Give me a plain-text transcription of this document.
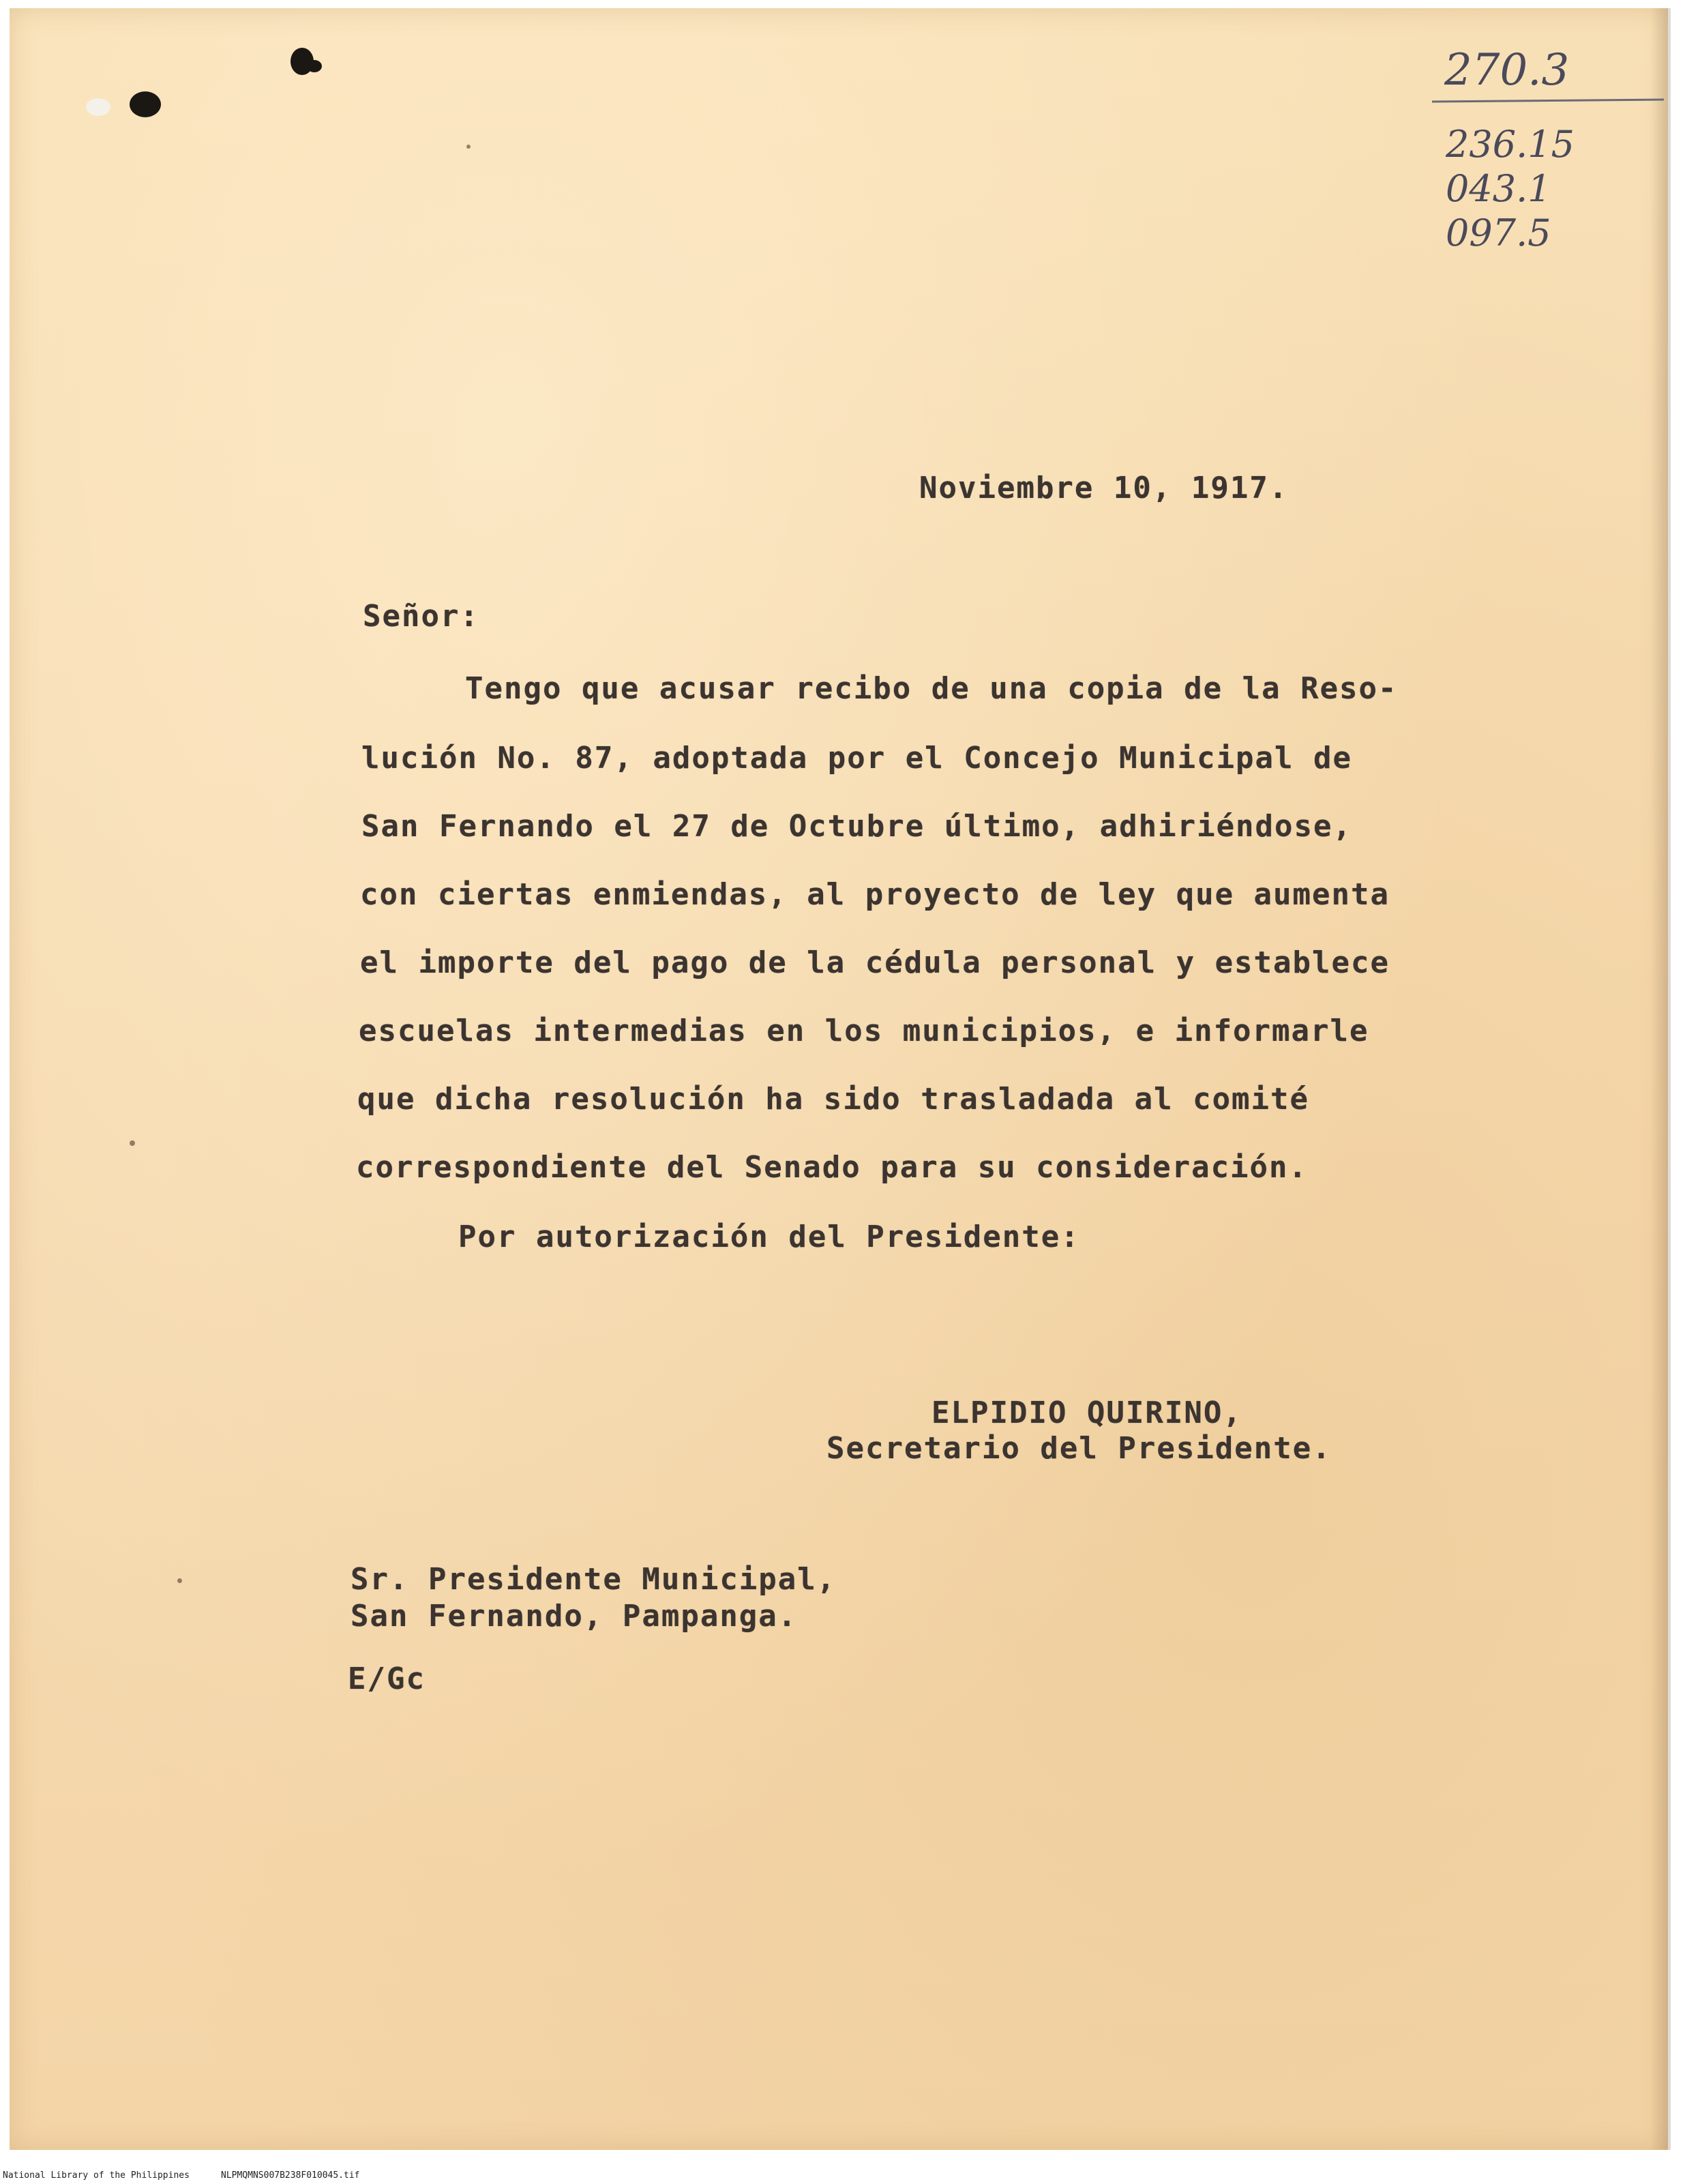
270.3
236.15
043.1
097.5
Noviembre 10, 1917.
Señor:
Tengo que acusar recibo de una copia de la Reso-
lución No. 87, adoptada por el Concejo Municipal de
San Fernando el 27 de Octubre último, adhiriéndose,
con ciertas enmiendas, al proyecto de ley que aumenta
el importe del pago de la cédula personal y establece
escuelas intermedias en los municipios, e informarle
que dicha resolución ha sido trasladada al comité
correspondiente del Senado para su consideración.
Por autorización del Presidente:
ELPIDIO QUIRINO,
Secretario del Presidente.
Sr. Presidente Municipal,
San Fernando, Pampanga.
E/Gc
National Library of the Philippines	NLPMQMNS007B238F010045.tif
